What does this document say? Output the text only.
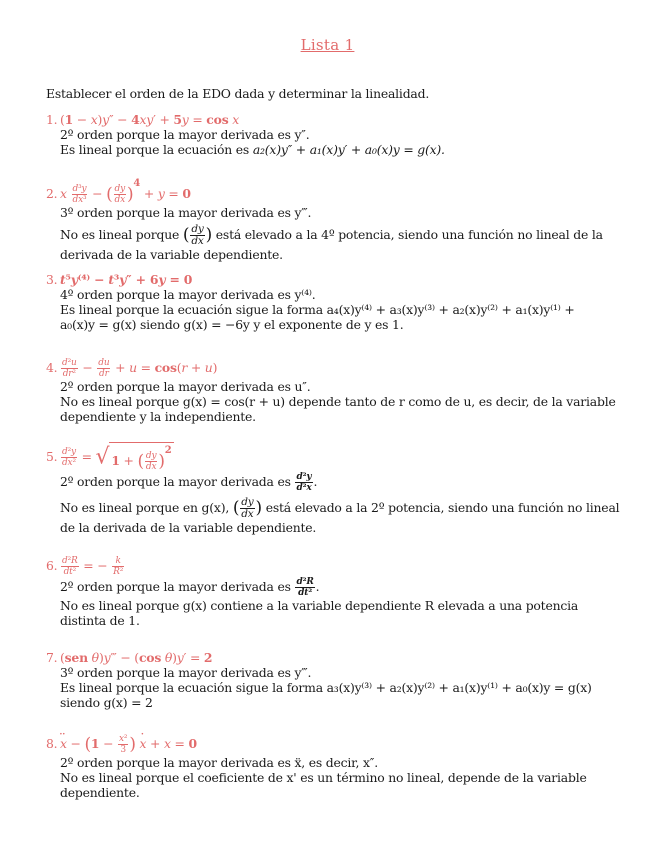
Lista 1
Establecer el orden de la EDO dada y determinar la linealidad.
1. (1 − x)y″ − 4xy′ + 5y = cos x
2º orden porque la mayor derivada es y″.
Es lineal porque la ecuación es a₂(x)y″ + a₁(x)y′ + a₀(x)y = g(x).
2. x $\frac{\text{d³y}}{\text{dx³}}$ − ( $\frac{dy}{dx} )^4 + y = 0$
3º orden porque la mayor derivada es y‴.
No es lineal porque ( $\frac{dy}{dx}$ ) está elevado a la 4º potencia, siendo una función no lineal de la derivada de la variable dependiente.
3. t⁵y⁽⁴⁾ − t³y″ + 6y = 0
4º orden porque la mayor derivada es y⁽⁴⁾.
Es lineal porque la ecuación sigue la forma a₄(x)y⁽⁴⁾ + a₃(x)y⁽³⁾ + a₂(x)y⁽²⁾ + a₁(x)y⁽¹⁾ +
a₀(x)y = g(x) siendo g(x) = −6y y el exponente de y es 1.
4. $\frac{\text{d²u}}{\text{dr²}} - \frac{du}{dr} + u = \cos(r + u)$
2º orden porque la mayor derivada es u″.
No es lineal porque g(x) = cos(r + u) depende tanto de r como de u, es decir, de la variable dependiente y la independiente.
5. $\frac{\text{d²y}}{\text{dx²}}$ = √ 1 + ( $\frac{dy}{dx} )^2$
2º orden porque la mayor derivada es $\frac{\text{d²y}}{\text{d²x}}$ .
No es lineal porque en g(x), ( $\frac{dy}{dx}$ ) está elevado a la 2º potencia, siendo una función no lineal de la derivada de la variable dependiente.
6. $\frac{\text{d²R}}{\text{dt²}}$ = − $\frac{k}{\text{R²}}$
2º orden porque la mayor derivada es $\frac{\text{d²R}}{\text{dt²}}$ .
No es lineal porque g(x) contiene a la variable dependiente R elevada a una potencia distinta de 1.
7. (sen θ)y‴ − (cos θ)y′ = 2
3º orden porque la mayor derivada es y‴.
Es lineal porque la ecuación sigue la forma a₃(x)y⁽³⁾ + a₂(x)y⁽²⁾ + a₁(x)y⁽¹⁾ + a₀(x)y = g(x)
siendo g(x) = 2
$8.\cdot\cdot x - (1 - \frac{\text{x²}}{3}$ ) · x + x = 0
2º orden porque la mayor derivada es ẍ, es decir, x″.
No es lineal porque el coeficiente de x' es un término no lineal, depende de la variable dependiente.
